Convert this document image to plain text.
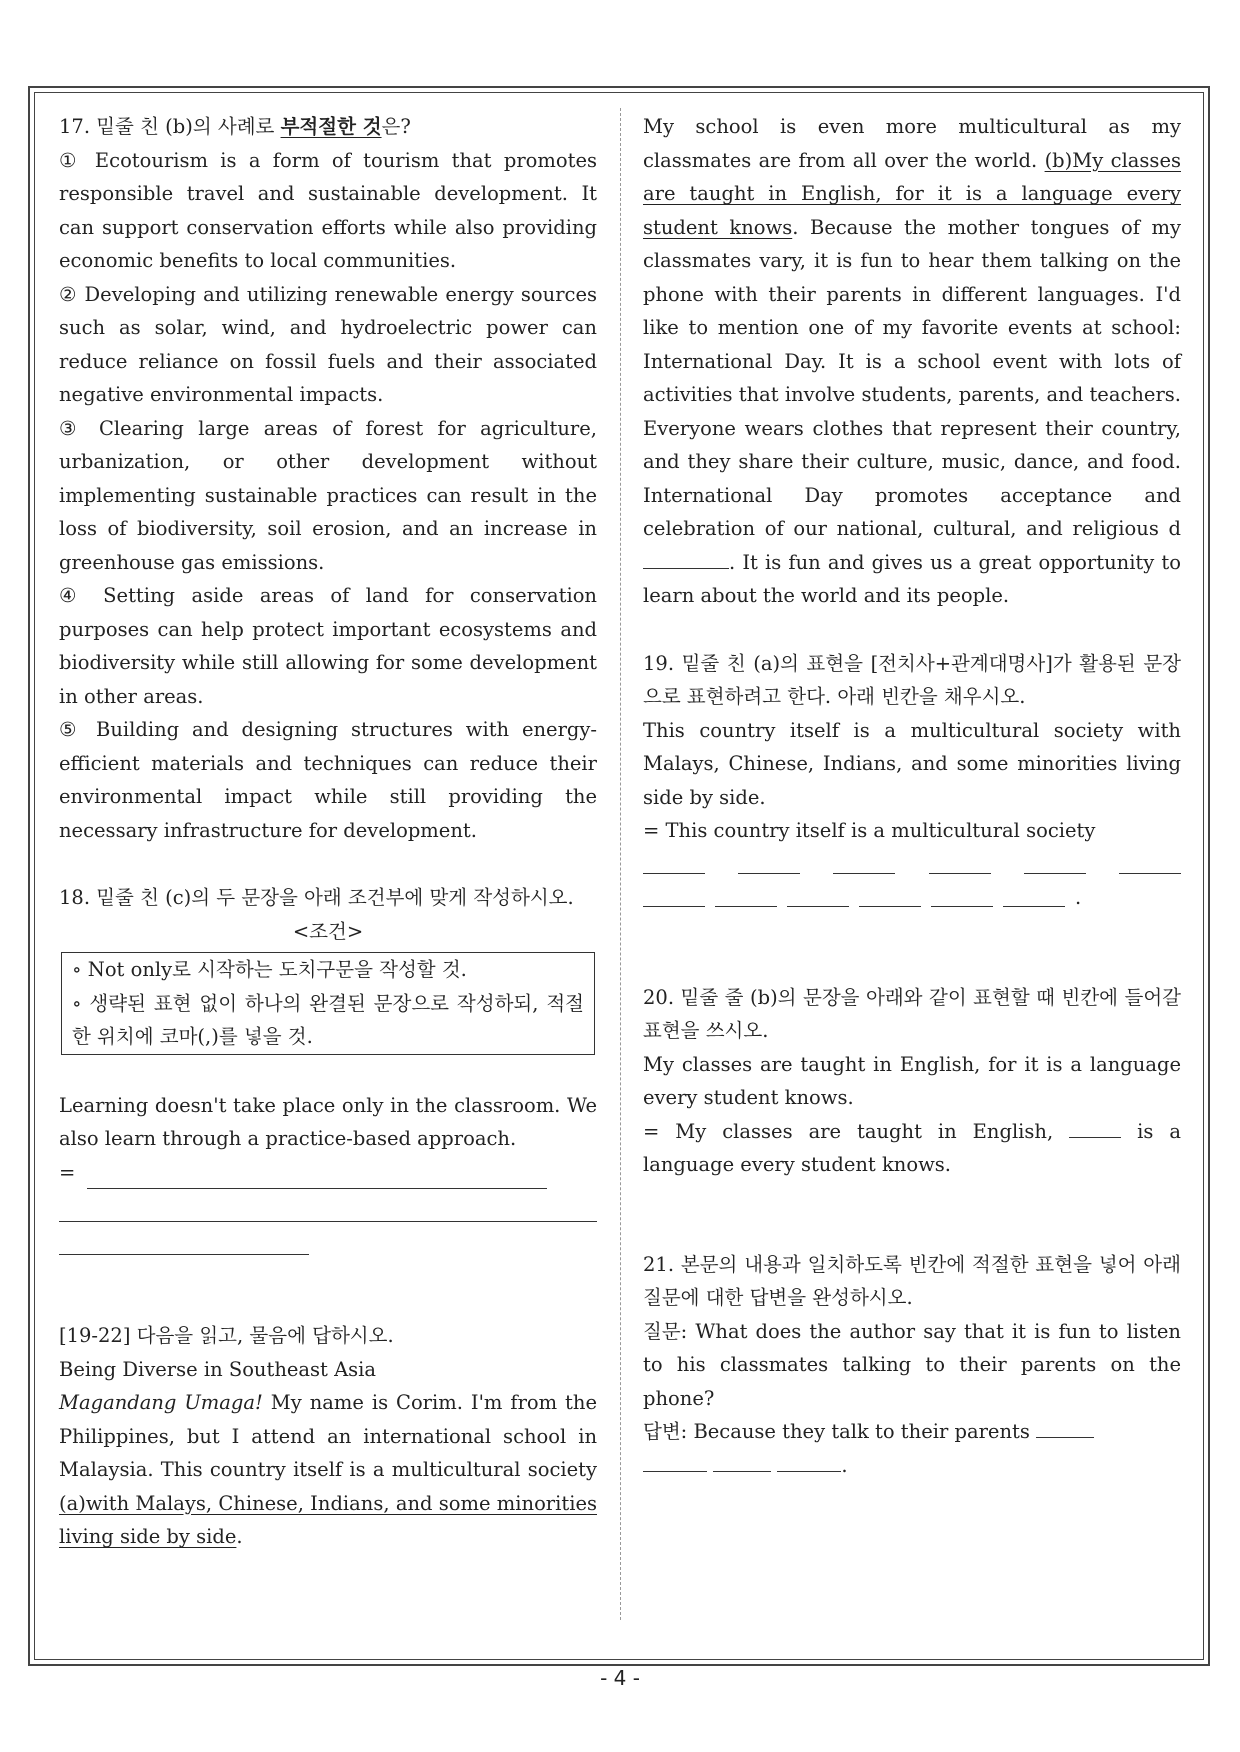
17. 밑줄 친 (b)의 사례로 부적절한 것은?

① Ecotourism is a form of tourism that promotes responsible travel and sustainable development. It can support conservation efforts while also providing economic benefits to local communities.

② Developing and utilizing renewable energy sources such as solar, wind, and hydroelectric power can reduce reliance on fossil fuels and their associated negative environmental impacts.

③ Clearing large areas of forest for agriculture, urbanization, or other development without implementing sustainable practices can result in the loss of biodiversity, soil erosion, and an increase in greenhouse gas emissions.

④ Setting aside areas of land for conservation purposes can help protect important ecosystems and biodiversity while still allowing for some development in other areas.

⑤ Building and designing structures with energy-efficient materials and techniques can reduce their environmental impact while still providing the necessary infrastructure for development.

18. 밑줄 친 (c)의 두 문장을 아래 조건부에 맞게 작성하시오.

<조건>
∘ Not only로 시작하는 도치구문을 작성할 것.
∘ 생략된 표현 없이 하나의 완결된 문장으로 작성하되, 적절한 위치에 코마(,)를 넣을 것.

Learning doesn't take place only in the classroom. We also learn through a practice-based approach.

=
[19-22] 다음을 읽고, 물음에 답하시오.
Being Diverse in Southeast Asia

Magandang Umaga! My name is Corim. I'm from the Philippines, but I attend an international school in Malaysia. This country itself is a multicultural society (a)with Malays, Chinese, Indians, and some minorities living side by side.

My school is even more multicultural as my classmates are from all over the world. (b)My classes are taught in English, for it is a language every student knows. Because the mother tongues of my classmates vary, it is fun to hear them talking on the phone with their parents in different languages. I'd like to mention one of my favorite events at school: International Day. It is a school event with lots of activities that involve students, parents, and teachers. Everyone wears clothes that represent their country, and they share their culture, music, dance, and food. International Day promotes acceptance and celebration of our national, cultural, and religious d. It is fun and gives us a great opportunity to learn about the world and its people.

19. 밑줄 친 (a)의 표현을 [전치사+관계대명사]가 활용된 문장으로 표현하려고 한다. 아래 빈칸을 채우시오.

This country itself is a multicultural society with Malays, Chinese, Indians, and some minorities living side by side.

= This country itself is a multicultural society

.

20. 밑줄 줄 (b)의 문장을 아래와 같이 표현할 때 빈칸에 들어갈 표현을 쓰시오.

My classes are taught in English, for it is a language every student knows.

= My classes are taught in English,	is a language every student knows.

21. 본문의 내용과 일치하도록 빈칸에 적절한 표현을 넣어 아래 질문에 대한 답변을 완성하시오.

질문: What does the author say that it is fun to listen to his classmates talking to their parents on the phone?

답변: Because they talk to their parents
.

- 4 -
